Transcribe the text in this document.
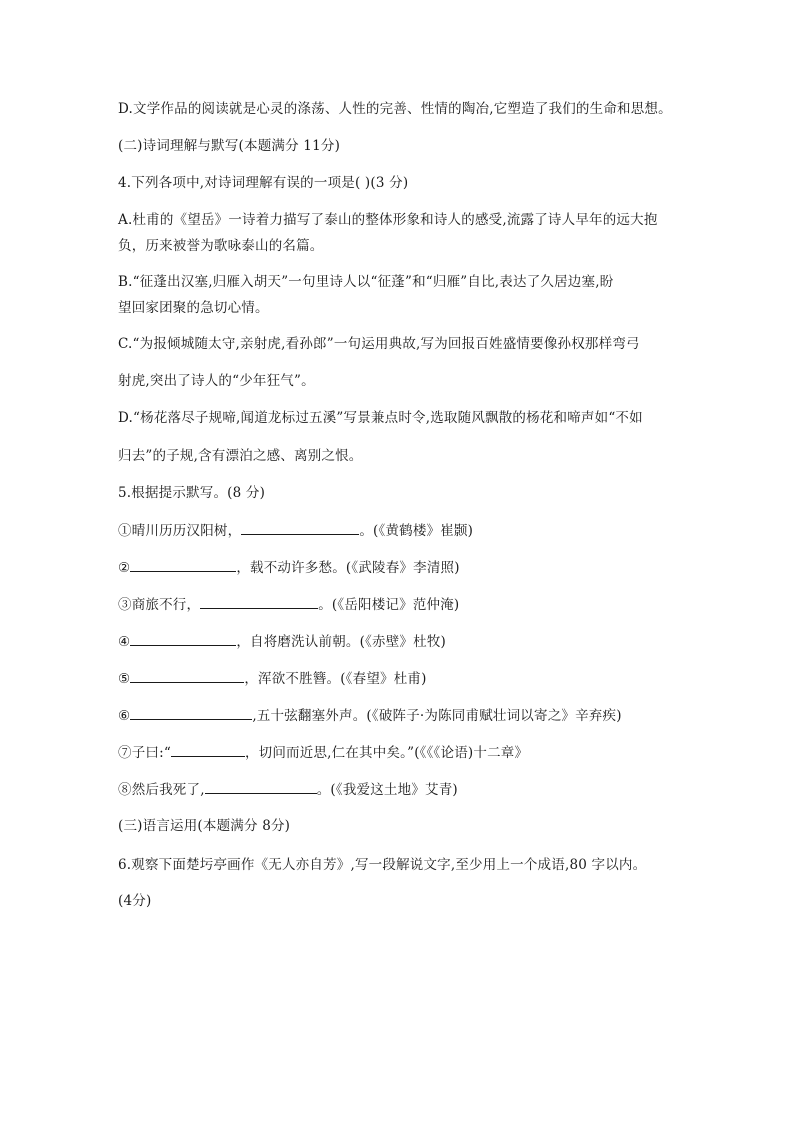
D.文学作品的阅读就是心灵的涤荡、人性的完善、性情的陶冶,它塑造了我们的生命和思想。
(二)诗词理解与默写(本题满分 11分)
4.下列各项中,对诗词理解有误的一项是( )(3 分)
A.杜甫的《望岳》一诗着力描写了泰山的整体形象和诗人的感受,流露了诗人早年的远大抱
负，历来被誉为歌咏泰山的名篇。
B.“征蓬出汉塞,归雁入胡天”一句里诗人以“征蓬”和“归雁”自比,表达了久居边塞,盼
望回家团聚的急切心情。
C.“为报倾城随太守,亲射虎,看孙郎”一句运用典故,写为回报百姓盛情要像孙权那样弯弓
射虎,突出了诗人的“少年狂气”。
D.“杨花落尽子规啼,闻道龙标过五溪”写景兼点时令,选取随风飘散的杨花和啼声如“不如
归去”的子规,含有漂泊之感、离别之恨。
5.根据提示默写。(8 分)
①晴川历历汉阳树，	。(《黄鹤楼》崔颢)
②	，载不动许多愁。(《武陵春》李清照)
③商旅不行，	。(《岳阳楼记》范仲淹)
④	，自将磨洗认前朝。(《赤壁》杜牧)
⑤	，浑欲不胜簪。(《春望》杜甫)
⑥	,五十弦翻塞外声。(《破阵子·为陈同甫赋壮词以寄之》辛弃疾)
⑦子曰:“	，切问而近思,仁在其中矣。”(《《《论语)十二章》
⑧然后我死了,	。(《我爱这土地》艾青)
(三)语言运用(本题满分 8分)
6.观察下面楚圬亭画作《无人亦自芳》,写一段解说文字,至少用上一个成语,80 字以内。
(4分)
